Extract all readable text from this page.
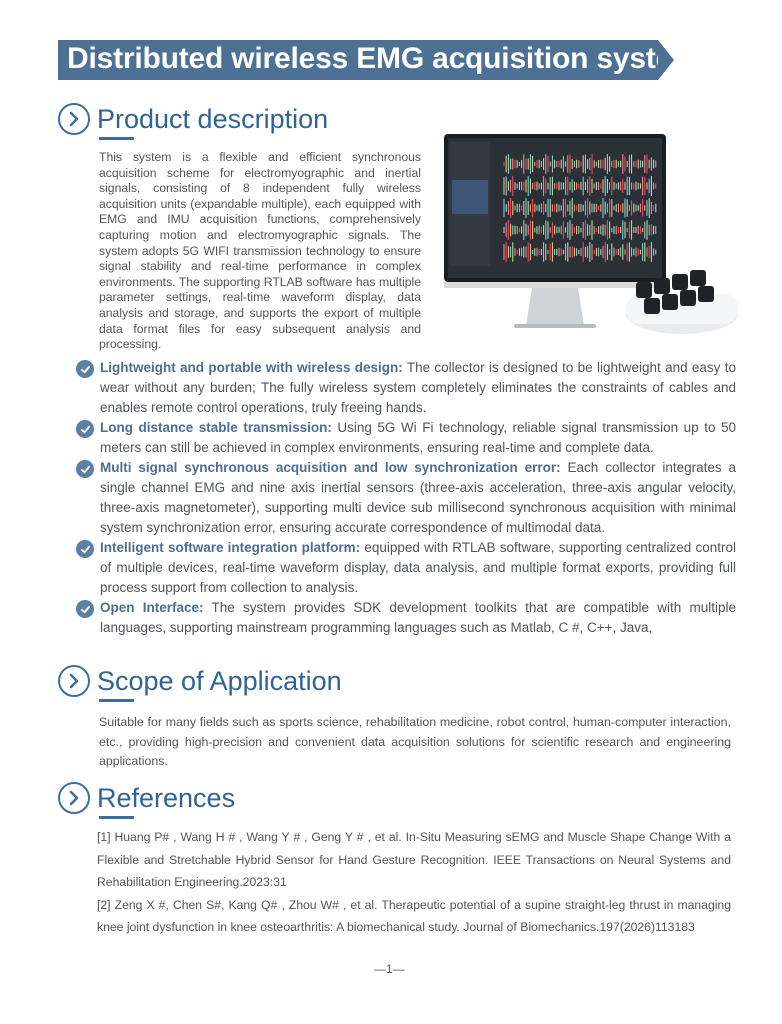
Distributed wireless EMG acquisition system
Product description

This system is a flexible and efficient synchronous acquisition scheme for electromyographic and inertial signals, consisting of 8 independent fully wireless acquisition units (expandable multiple), each equipped with EMG and IMU acquisition functions, comprehensively capturing motion and electromyographic signals. The system adopts 5G WIFI transmission technology to ensure signal stability and real-time performance in complex environments. The supporting RTLAB software has multiple parameter settings, real-time waveform display, data analysis and storage, and supports the export of multiple data format files for easy subsequent analysis and processing.

Lightweight and portable with wireless design: The collector is designed to be lightweight and easy to wear without any burden; The fully wireless system completely eliminates the constraints of cables and enables remote control operations, truly freeing hands.

Long distance stable transmission: Using 5G Wi Fi technology, reliable signal transmission up to 50 meters can still be achieved in complex environments, ensuring real-time and complete data.

Multi signal synchronous acquisition and low synchronization error: Each collector integrates a single channel EMG and nine axis inertial sensors (three-axis acceleration, three-axis angular velocity, three-axis magnetometer), supporting multi device sub millisecond synchronous acquisition with minimal system synchronization error, ensuring accurate correspondence of multimodal data.

Intelligent software integration platform: equipped with RTLAB software, supporting centralized control of multiple devices, real-time waveform display, data analysis, and multiple format exports, providing full process support from collection to analysis.

Open Interface: The system provides SDK development toolkits that are compatible with multiple languages, supporting mainstream programming languages such as Matlab, C #, C++, Java,

Scope of Application

Suitable for many fields such as sports science, rehabilitation medicine, robot control, human-computer interaction, etc., providing high-precision and convenient data acquisition solutions for scientific research and engineering applications.

References

[1] Huang P# , Wang H # , Wang Y # , Geng Y # , et al. In-Situ Measuring sEMG and Muscle Shape Change With a Flexible and Stretchable Hybrid Sensor for Hand Gesture Recognition. IEEE Transactions on Neural Systems and Rehabilitation Engineering.2023:31

[2] Zeng X #, Chen S#, Kang Q# , Zhou W# , et al. Therapeutic potential of a supine straight-leg thrust in managing knee joint dysfunction in knee osteoarthritis: A biomechanical study. Journal of Biomechanics.197(2026)113183

—1—
